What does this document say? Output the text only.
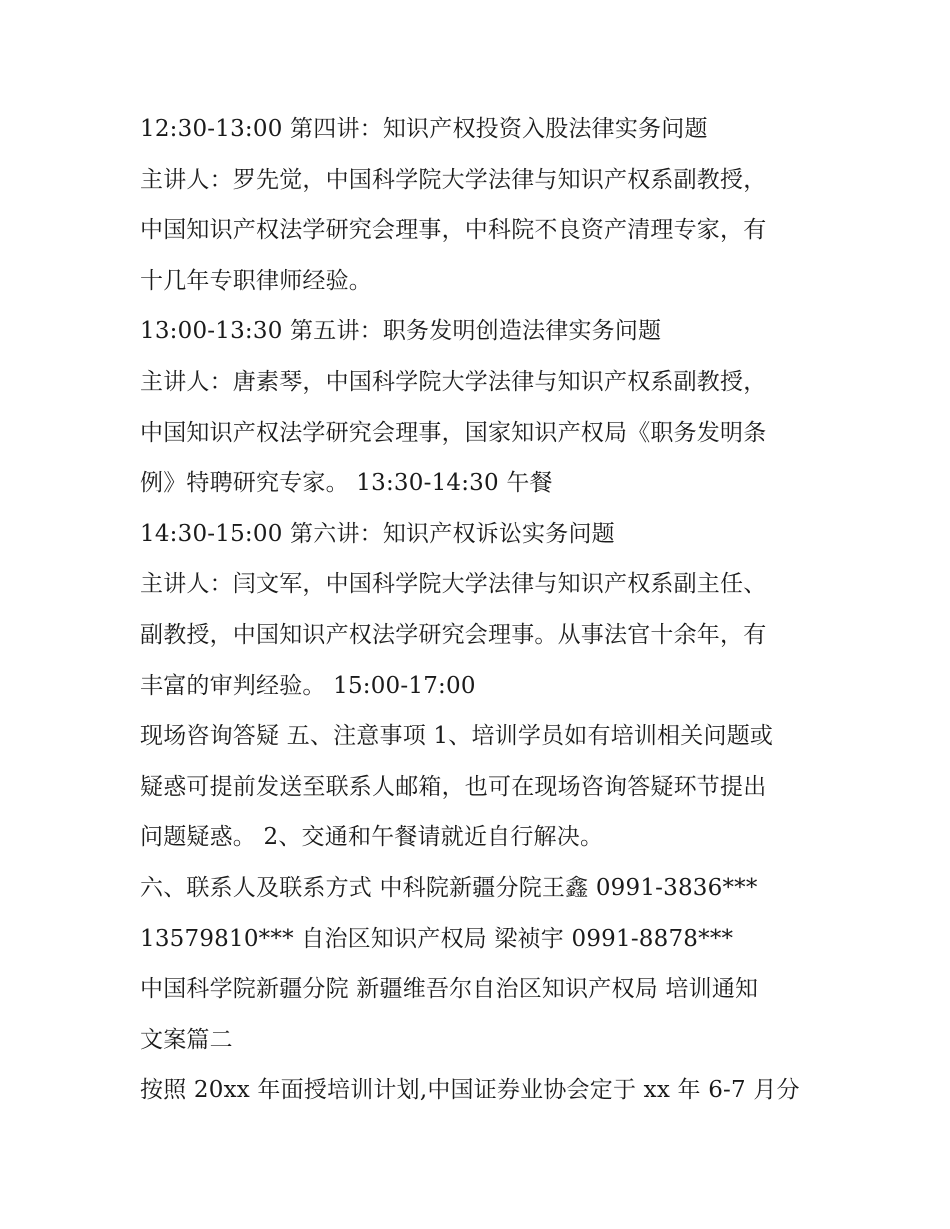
12:30-13:00 第四讲：知识产权投资入股法律实务问题
主讲人：罗先觉，中国科学院大学法律与知识产权系副教授，
中国知识产权法学研究会理事，中科院不良资产清理专家，有
十几年专职律师经验。
13:00-13:30 第五讲：职务发明创造法律实务问题
主讲人：唐素琴，中国科学院大学法律与知识产权系副教授，
中国知识产权法学研究会理事，国家知识产权局《职务发明条
例》特聘研究专家。 13:30-14:30 午餐
14:30-15:00 第六讲：知识产权诉讼实务问题
主讲人：闫文军，中国科学院大学法律与知识产权系副主任、
副教授，中国知识产权法学研究会理事。从事法官十余年，有
丰富的审判经验。 15:00-17:00
现场咨询答疑 五、注意事项 1、培训学员如有培训相关问题或
疑惑可提前发送至联系人邮箱，也可在现场咨询答疑环节提出
问题疑惑。 2、交通和午餐请就近自行解决。
六、联系人及联系方式 中科院新疆分院王鑫 0991-3836***
13579810*** 自治区知识产权局 梁祯宇 0991-8878***
中国科学院新疆分院 新疆维吾尔自治区知识产权局 培训通知
文案篇二
按照 20xx 年面授培训计划,中国证券业协会定于 xx 年 6-7 月分
